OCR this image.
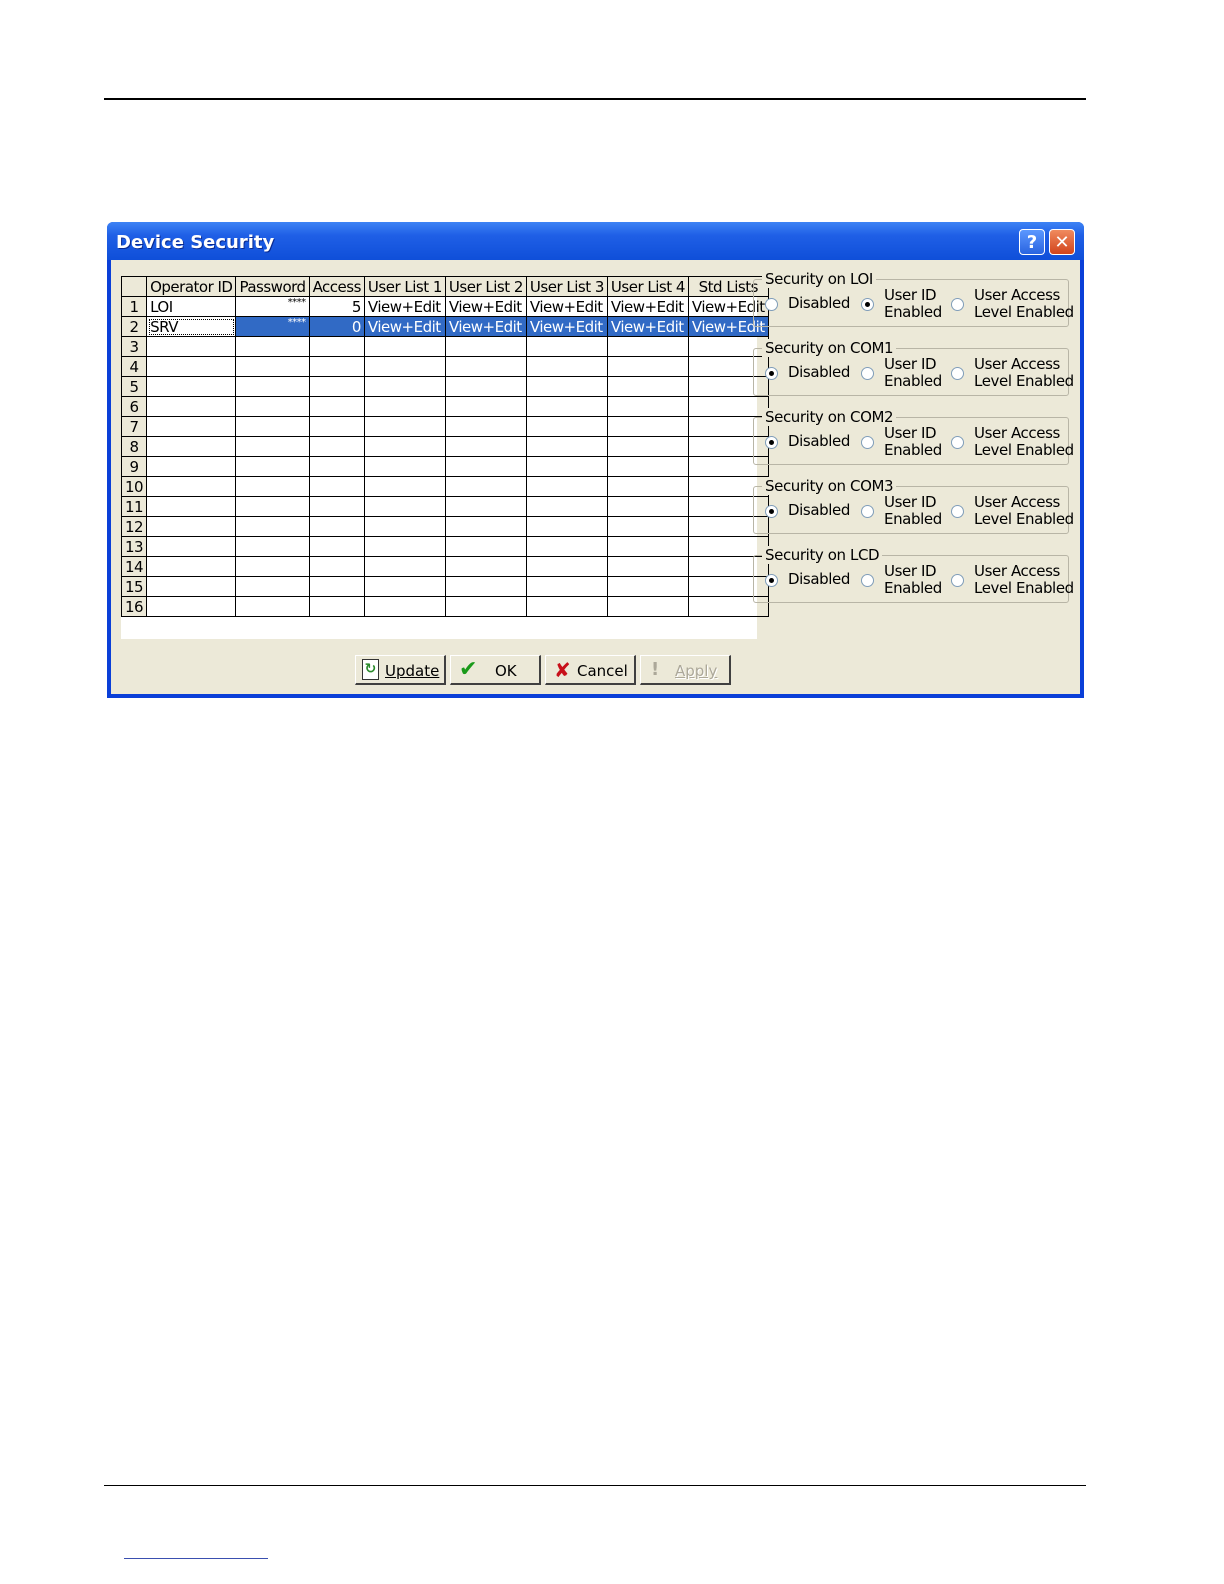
Device Security	? ✕
	Operator ID	Password	Access	User List 1	User List 2	User List 3	User List 4	Std Lists
1	LOI	****	5	View+Edit	View+Edit	View+Edit	View+Edit	View+Edit
2	SRV	****	0	View+Edit	View+Edit	View+Edit	View+Edit	View+Edit
3								
4								
5								
6								
7								
8								
9								
10								
11								
12								
13								
14								
15								
16								
Security on LOI
Disabled User ID
Enabled
User Access
Level Enabled
Security on COM1
Disabled User ID
Enabled
User Access
Level Enabled
Security on COM2
Disabled User ID
Enabled
User Access
Level Enabled
Security on COM3
Disabled User ID
Enabled
User Access
Level Enabled
Security on LCD
Disabled User ID
Enabled
User Access
Level Enabled
↻ Update ✔ OK ✘ Cancel ! Apply
